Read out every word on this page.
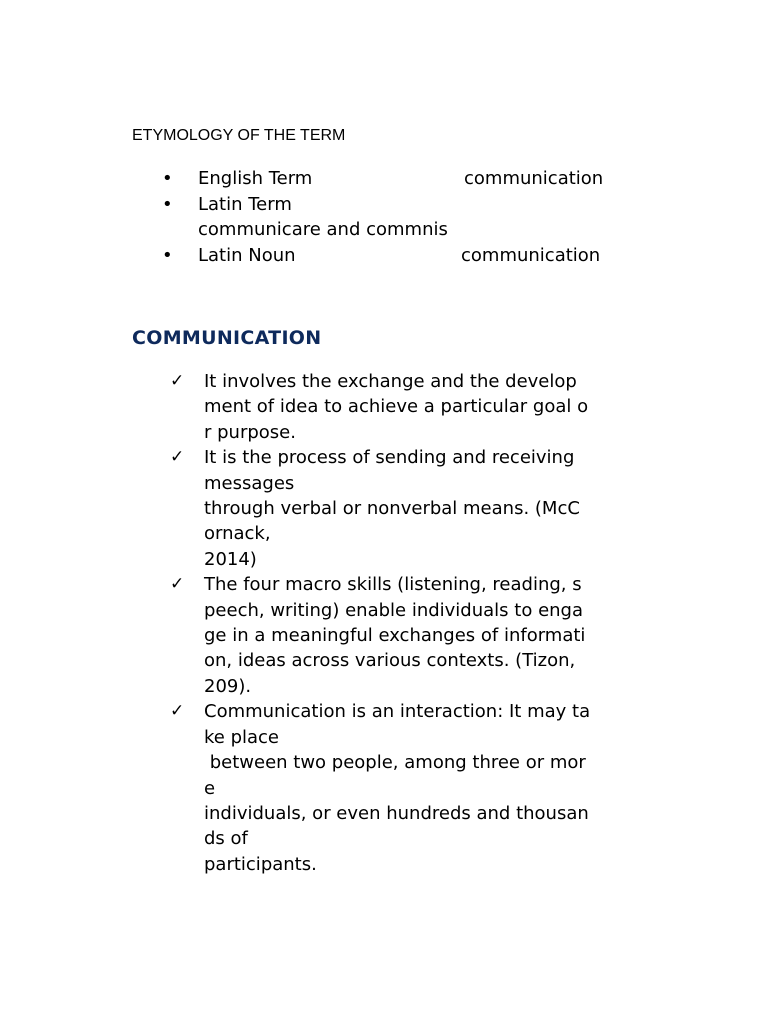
ETYMOLOGY OF THE TERM
• English Term	communication
• Latin Term
communicare and commnis
• Latin Noun	communication
COMMUNICATION
✓ It involves the exchange and the develop
ment of idea to achieve a particular goal o
r purpose.
✓ It is the process of sending and receiving
messages
through verbal or nonverbal means. (McC
ornack,
2014)
✓ The four macro skills (listening, reading, s
peech, writing) enable individuals to enga
ge in a meaningful exchanges of informati
on, ideas across various contexts. (Tizon,
209).
✓ Communication is an interaction: It may ta
ke place
between two people, among three or mor
e
individuals, or even hundreds and thousan
ds of
participants.
